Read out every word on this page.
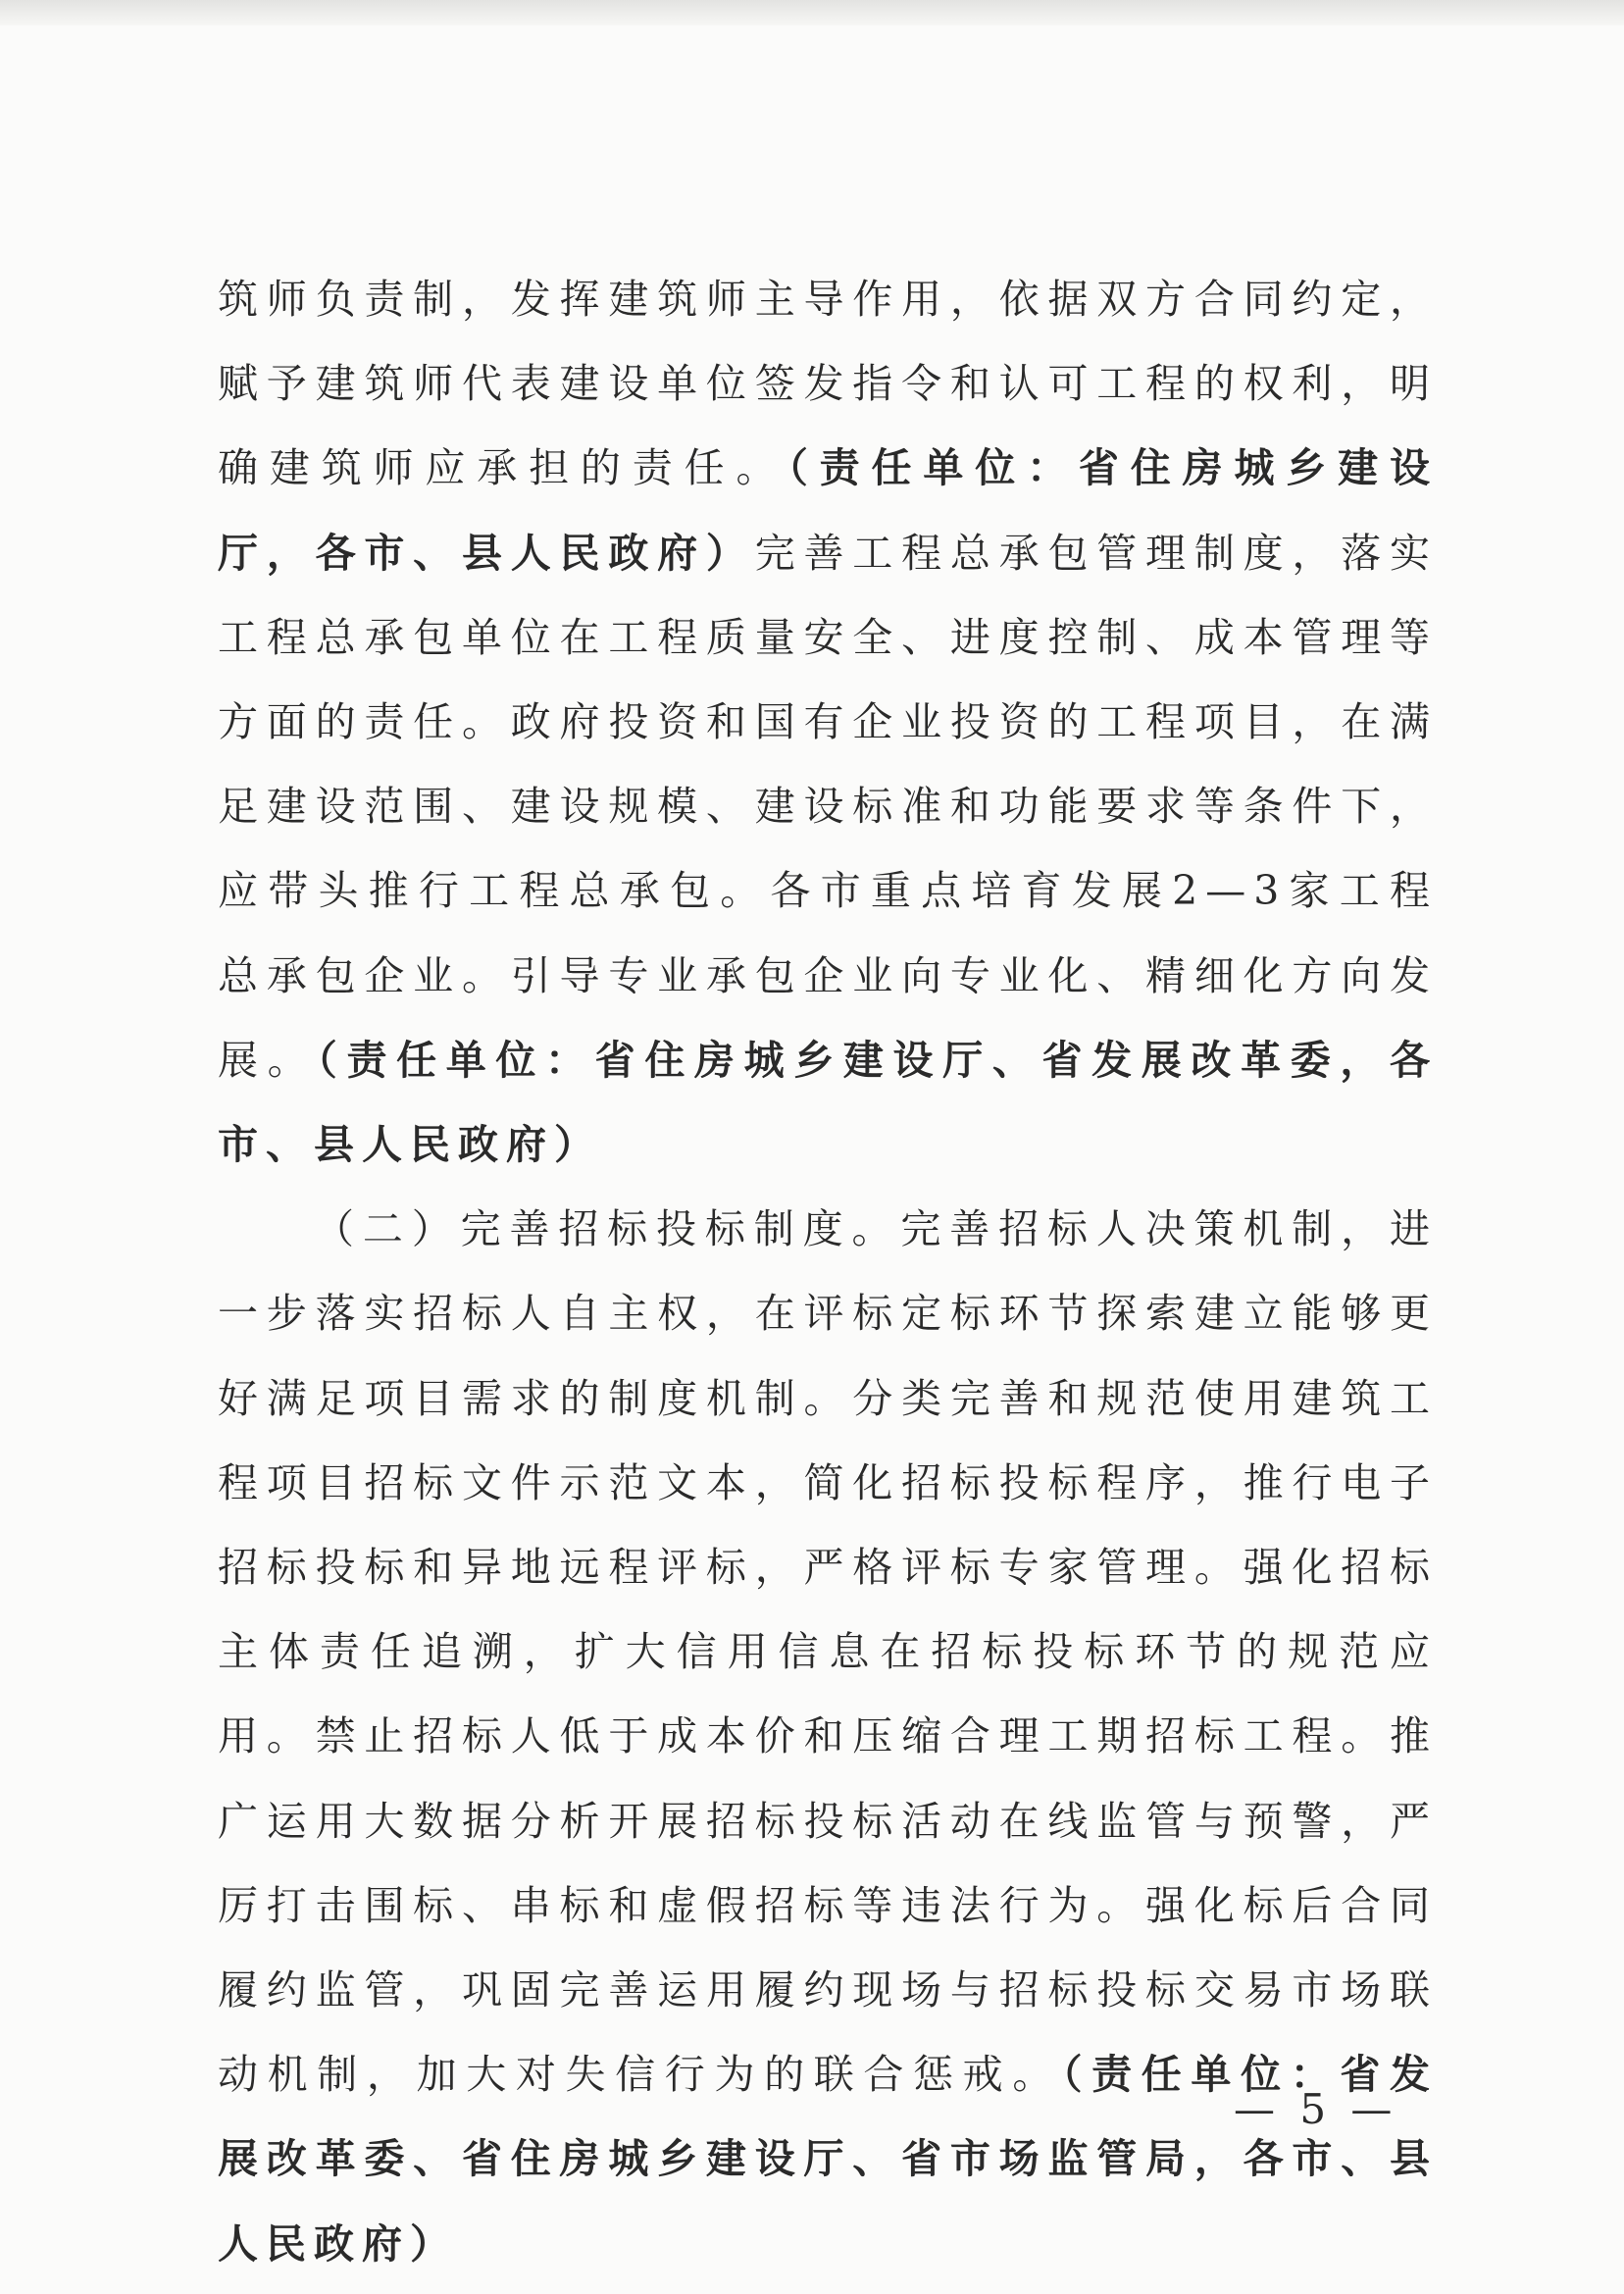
筑师负责制，发挥建筑师主导作用，依据双方合同约定，赋予建筑师代表建设单位签发指令和认可工程的权利，明确建筑师应承担的责任。（责任单位：省住房城乡建设厅，各市、县人民政府）完善工程总承包管理制度，落实工程总承包单位在工程质量安全、进度控制、成本管理等方面的责任。政府投资和国有企业投资的工程项目，在满足建设范围、建设规模、建设标准和功能要求等条件下，应带头推行工程总承包。各市重点培育发展2—3家工程总承包企业。引导专业承包企业向专业化、精细化方向发展。（责任单位：省住房城乡建设厅、省发展改革委，各市、县人民政府）

（二）完善招标投标制度。完善招标人决策机制，进一步落实招标人自主权，在评标定标环节探索建立能够更好满足项目需求的制度机制。分类完善和规范使用建筑工程项目招标文件示范文本，简化招标投标程序，推行电子招标投标和异地远程评标，严格评标专家管理。强化招标主体责任追溯，扩大信用信息在招标投标环节的规范应用。禁止招标人低于成本价和压缩合理工期招标工程。推广运用大数据分析开展招标投标活动在线监管与预警，严厉打击围标、串标和虚假招标等违法行为。强化标后合同履约监管，巩固完善运用履约现场与招标投标交易市场联动机制，加大对失信行为的联合惩戒。（责任单位：省发展改革委、省住房城乡建设厅、省市场监管局，各市、县人民政府）

— 5 —
